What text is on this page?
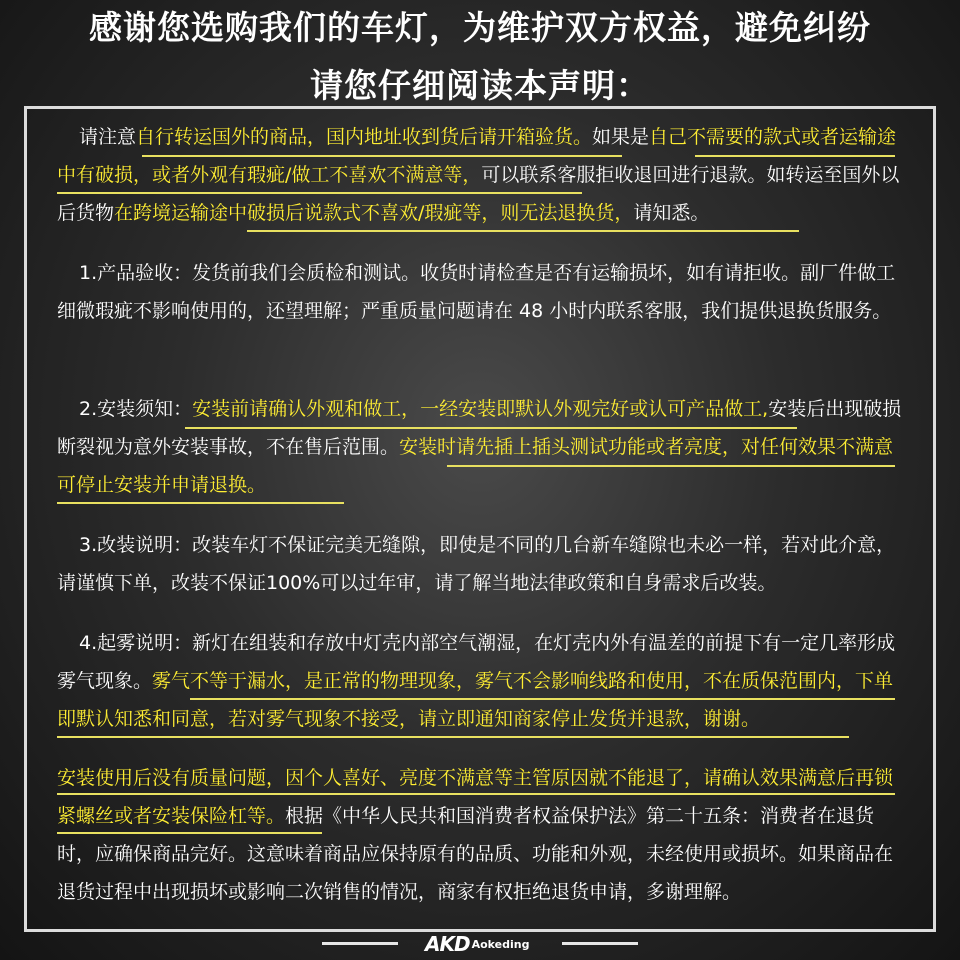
感谢您选购我们的车灯，为维护双方权益，避免纠纷
请您仔细阅读本声明：
请注意自行转运国外的商品，国内地址收到货后请开箱验货。如果是自己不需要的款式或者运输途中有破损，或者外观有瑕疵/做工不喜欢不满意等，可以联系客服拒收退回进行退款。如转运至国外以后货物在跨境运输途中破损后说款式不喜欢/瑕疵等，则无法退换货，请知悉。
1.产品验收：发货前我们会质检和测试。收货时请检查是否有运输损坏，如有请拒收。副厂件做工细微瑕疵不影响使用的，还望理解；严重质量问题请在 48 小时内联系客服，我们提供退换货服务。
2.安装须知：安装前请确认外观和做工，一经安装即默认外观完好或认可产品做工,安装后出现破损断裂视为意外安装事故，不在售后范围。安装时请先插上插头测试功能或者亮度，对任何效果不满意可停止安装并申请退换。
3.改装说明：改装车灯不保证完美无缝隙，即使是不同的几台新车缝隙也未必一样，若对此介意，请谨慎下单，改装不保证100%可以过年审，请了解当地法律政策和自身需求后改装。
4.起雾说明：新灯在组装和存放中灯壳内部空气潮湿，在灯壳内外有温差的前提下有一定几率形成雾气现象。雾气不等于漏水，是正常的物理现象，雾气不会影响线路和使用，不在质保范围内，下单即默认知悉和同意，若对雾气现象不接受，请立即通知商家停止发货并退款，谢谢。
安装使用后没有质量问题，因个人喜好、亮度不满意等主管原因就不能退了，请确认效果满意后再锁紧螺丝或者安装保险杠等。根据《中华人民共和国消费者权益保护法》第二十五条：消费者在退货时，应确保商品完好。这意味着商品应保持原有的品质、功能和外观，未经使用或损坏。如果商品在退货过程中出现损坏或影响二次销售的情况，商家有权拒绝退货申请，多谢理解。
AKD Aokeding
